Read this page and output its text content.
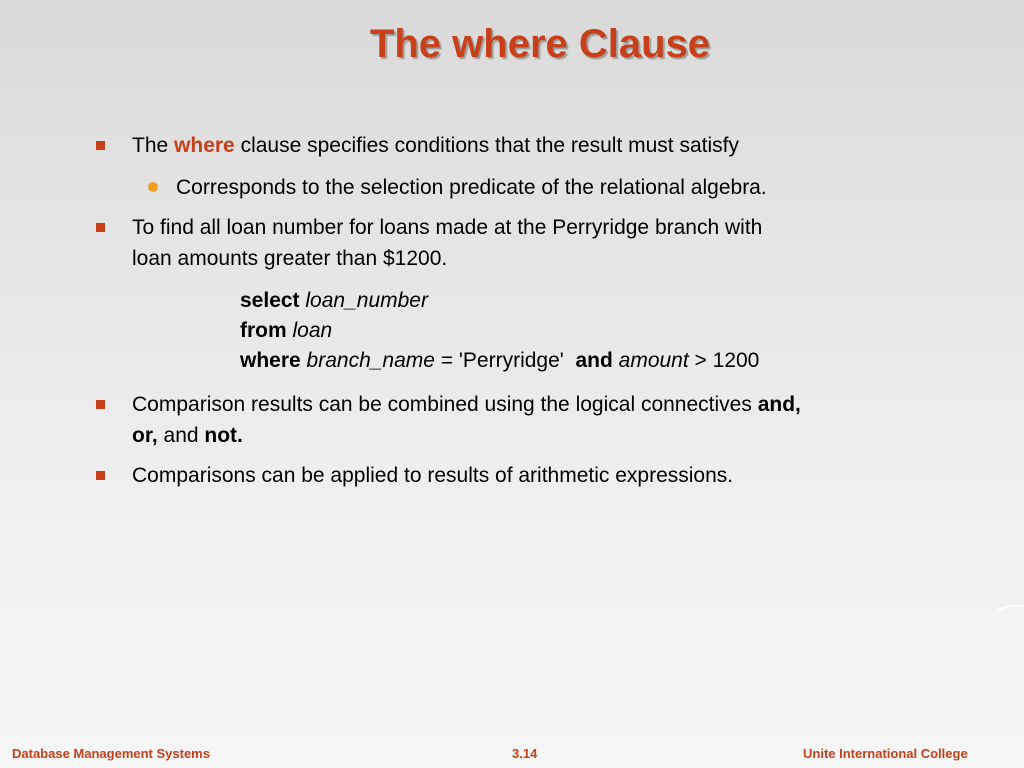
The where Clause
The where clause specifies conditions that the result must satisfy
Corresponds to the selection predicate of the relational algebra.
To find all loan number for loans made at the Perryridge branch with
loan amounts greater than $1200.
select loan_number
from loan
where branch_name = 'Perryridge' and amount > 1200
Comparison results can be combined using the logical connectives and,
or, and not.
Comparisons can be applied to results of arithmetic expressions.
Database Management Systems	3.14	Unite International College
